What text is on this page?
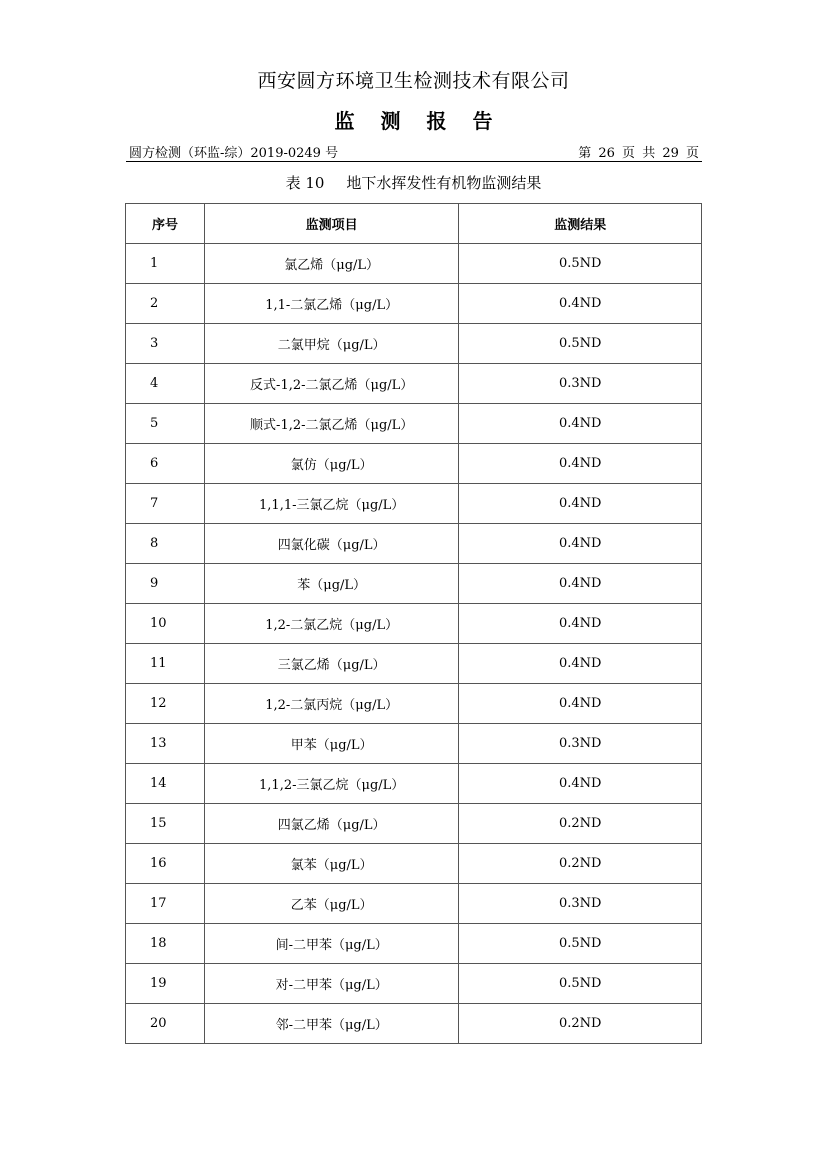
西安圆方环境卫生检测技术有限公司
监 测 报 告
圆方检测（环监-综）2019-0249 号	第 26 页 共 29 页
表 10 地下水挥发性有机物监测结果
序号	监测项目	监测结果
1	氯乙烯（μg/L）	0.5ND
2	1,1-二氯乙烯（μg/L）	0.4ND
3	二氯甲烷（μg/L）	0.5ND
4	反式-1,2-二氯乙烯（μg/L）	0.3ND
5	顺式-1,2-二氯乙烯（μg/L）	0.4ND
6	氯仿（μg/L）	0.4ND
7	1,1,1-三氯乙烷（μg/L）	0.4ND
8	四氯化碳（μg/L）	0.4ND
9	苯（μg/L）	0.4ND
10	1,2-二氯乙烷（μg/L）	0.4ND
11	三氯乙烯（μg/L）	0.4ND
12	1,2-二氯丙烷（μg/L）	0.4ND
13	甲苯（μg/L）	0.3ND
14	1,1,2-三氯乙烷（μg/L）	0.4ND
15	四氯乙烯（μg/L）	0.2ND
16	氯苯（μg/L）	0.2ND
17	乙苯（μg/L）	0.3ND
18	间-二甲苯（μg/L）	0.5ND
19	对-二甲苯（μg/L）	0.5ND
20	邻-二甲苯（μg/L）	0.2ND
